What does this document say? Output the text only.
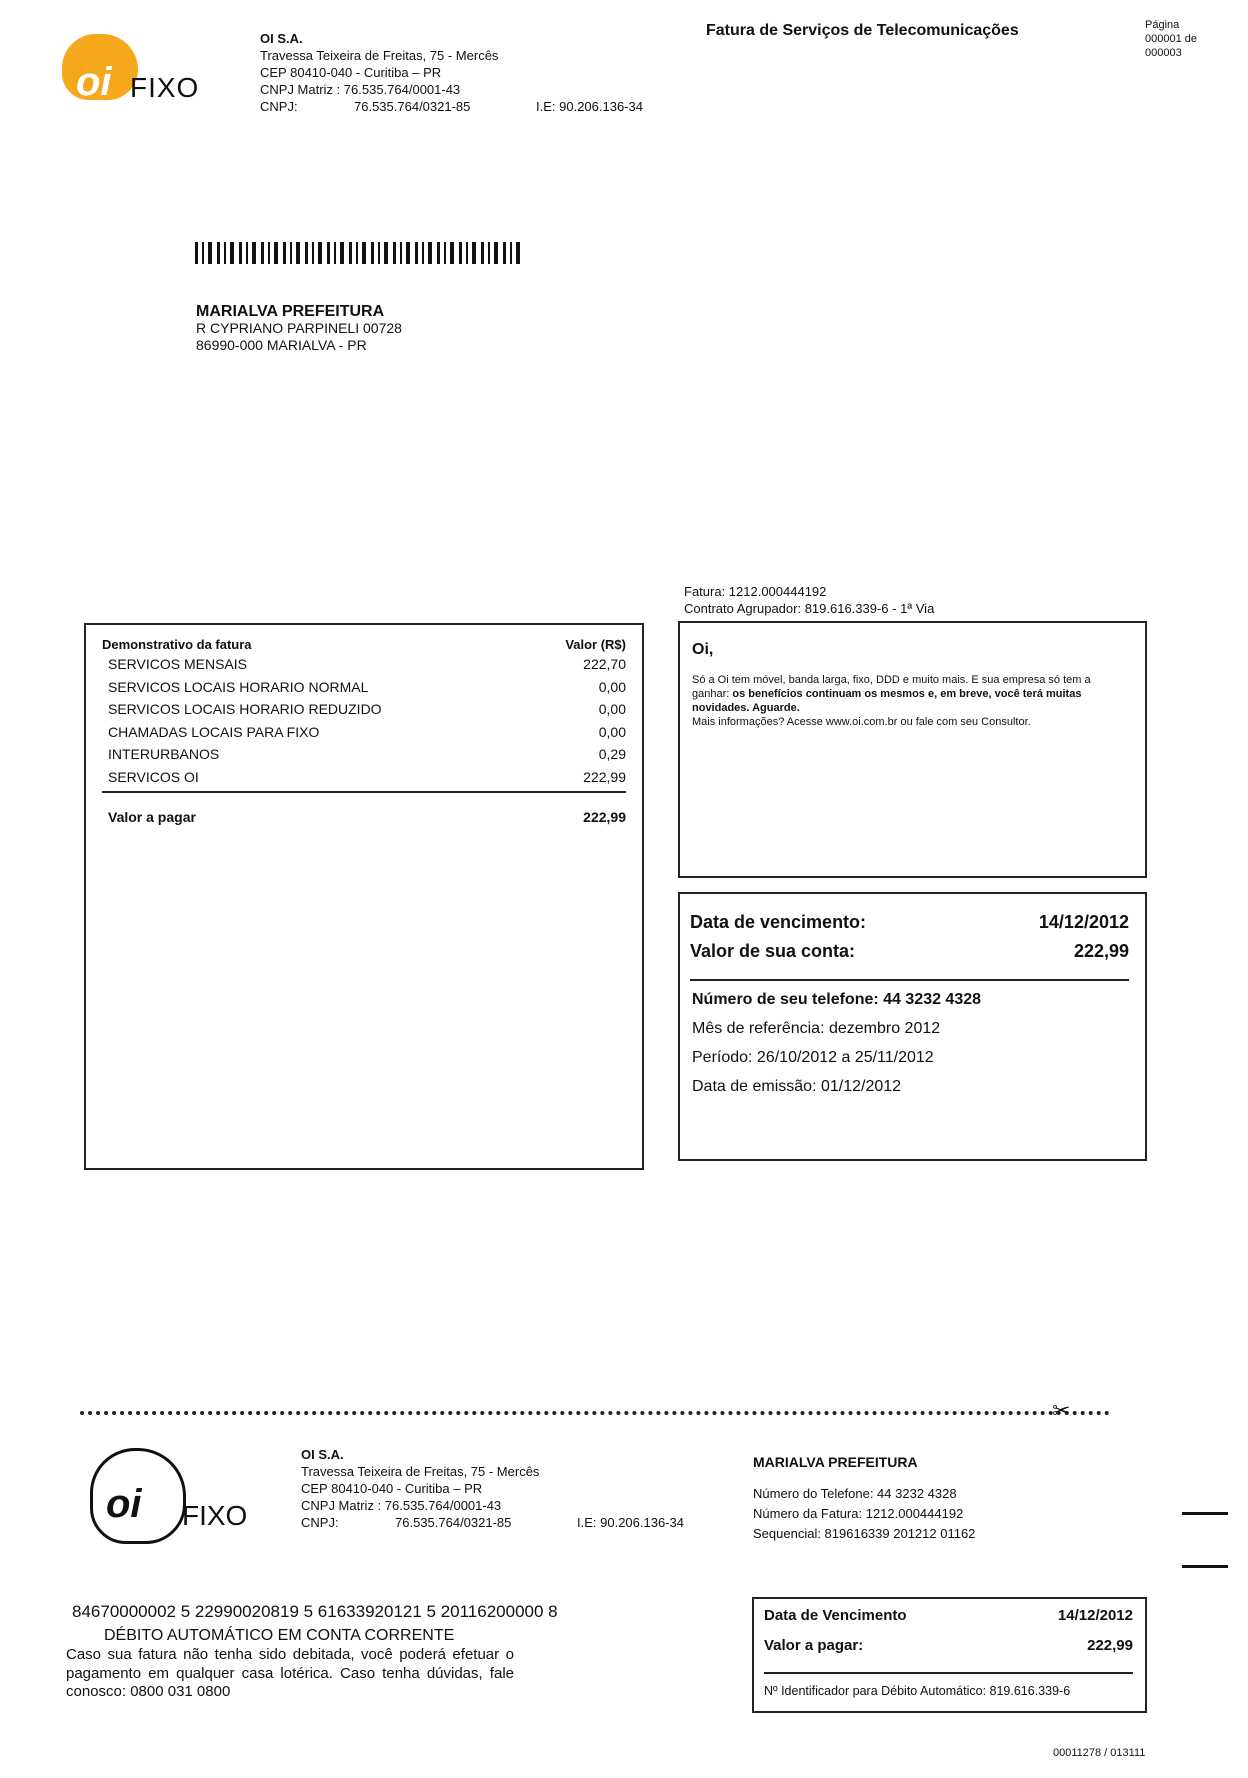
oi FIXO
OI S.A.
Travessa Teixeira de Freitas, 75 - Mercês
CEP 80410-040 - Curitiba – PR
CNPJ Matriz : 76.535.764/0001-43
CNPJ:	76.535.764/0321-85	I.E: 90.206.136-34
Fatura de Serviços de Telecomunicações	Página
000001 de
000003
MARIALVA PREFEITURA
R CYPRIANO PARPINELI 00728
86990-000 MARIALVA - PR
Fatura: 1212.000444192
Contrato Agrupador: 819.616.339-6 - 1ª Via
Demonstrativo da fatura	Valor (R$)
SERVICOS MENSAIS	222,70
SERVICOS LOCAIS HORARIO NORMAL	0,00
SERVICOS LOCAIS HORARIO REDUZIDO	0,00
CHAMADAS LOCAIS PARA FIXO	0,00
INTERURBANOS	0,29
SERVICOS OI	222,99
Valor a pagar	222,99
Oi,
Só a Oi tem móvel, banda larga, fixo, DDD e muito mais. E sua empresa só tem a ganhar: os benefícios continuam os mesmos e, em breve, você terá muitas novidades. Aguarde.
Mais informações? Acesse www.oi.com.br ou fale com seu Consultor.
Data de vencimento:	14/12/2012
Valor de sua conta:	222,99
Número de seu telefone: 44 3232 4328
Mês de referência: dezembro 2012
Período: 26/10/2012 a 25/11/2012
Data de emissão: 01/12/2012
✂
oi FIXO
OI S.A.
Travessa Teixeira de Freitas, 75 - Mercês
CEP 80410-040 - Curitiba – PR
CNPJ Matriz : 76.535.764/0001-43
CNPJ:	76.535.764/0321-85	I.E: 90.206.136-34
MARIALVA PREFEITURA
Número do Telefone: 44 3232 4328
Número da Fatura: 1212.000444192
Sequencial: 819616339 201212 01162
84670000002 5 22990020819 5 61633920121 5 20116200000 8
DÉBITO AUTOMÁTICO EM CONTA CORRENTE
Caso sua fatura não tenha sido debitada, você poderá efetuar o pagamento em qualquer casa lotérica. Caso tenha dúvidas, fale conosco: 0800 031 0800
Data de Vencimento	14/12/2012
Valor a pagar:	222,99
Nº Identificador para Débito Automático: 819.616.339-6
00011278 / 013111
